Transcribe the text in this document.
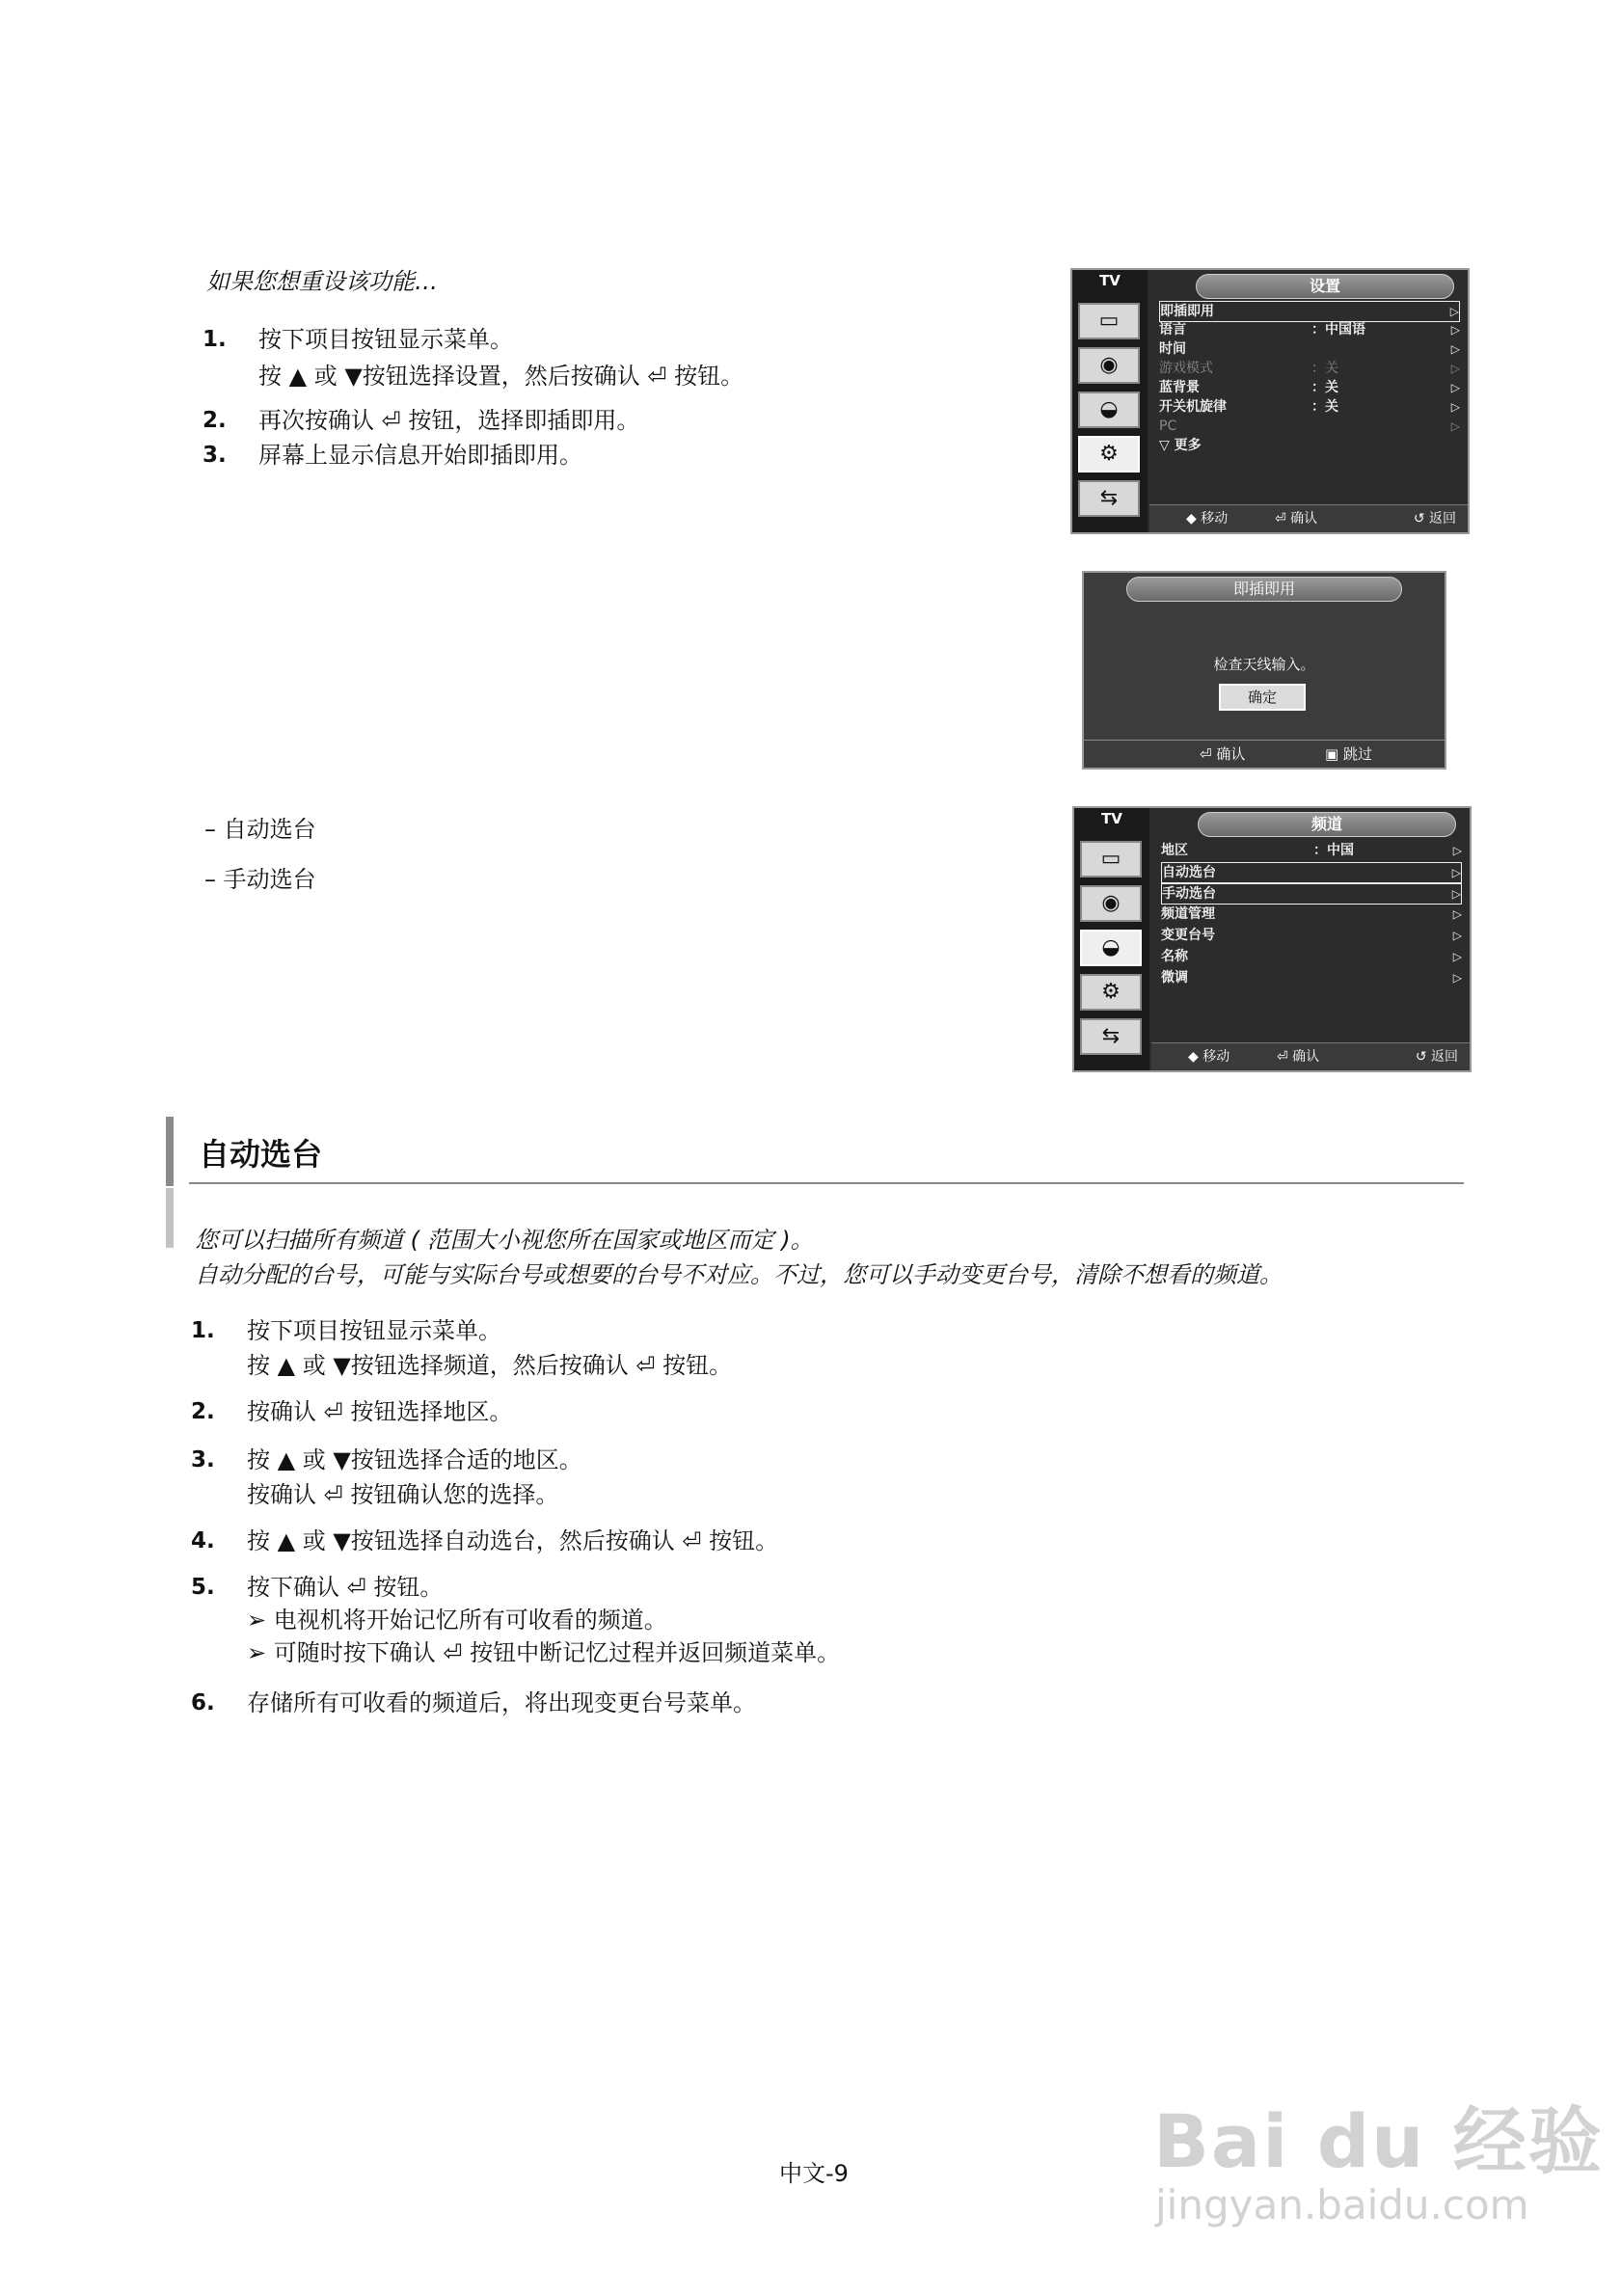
如果您想重设该功能…
1. 按下项目按钮显示菜单。
按 ▲ 或 ▼按钮选择设置，然后按确认 ⏎ 按钮。
2. 再次按确认 ⏎ 按钮，选择即插即用。
3. 屏幕上显示信息开始即插即用。
TV
▭
◉
◒
⚙
⇆
设置
即插即用	▷
语言	：中国语	▷
时间	▷
游戏模式	：关	▷
蓝背景	：关	▷
开关机旋律	：关	▷
PC	▷
▽ 更多
◆ 移动	⏎ 确认	↺ 返回
即插即用
检查天线输入。
确定
⏎ 确认	▣ 跳过
– 自动选台
– 手动选台
TV
▭
◉
◒
⚙
⇆
频道
地区	：中国	▷
自动选台	▷
手动选台	▷
频道管理	▷
变更台号	▷
名称	▷
微调	▷
◆ 移动	⏎ 确认	↺ 返回
自动选台
您可以扫描所有频道 ( 范围大小视您所在国家或地区而定 )。
自动分配的台号，可能与实际台号或想要的台号不对应。不过，您可以手动变更台号，清除不想看的频道。
1. 按下项目按钮显示菜单。
按 ▲ 或 ▼按钮选择频道，然后按确认 ⏎ 按钮。
2. 按确认 ⏎ 按钮选择地区。
3. 按 ▲ 或 ▼按钮选择合适的地区。
按确认 ⏎ 按钮确认您的选择。
4. 按 ▲ 或 ▼按钮选择自动选台，然后按确认 ⏎ 按钮。
5. 按下确认 ⏎ 按钮。
➢ 电视机将开始记忆所有可收看的频道。
➢ 可随时按下确认 ⏎ 按钮中断记忆过程并返回频道菜单。
6. 存储所有可收看的频道后，将出现变更台号菜单。
中文-9	Bai du 经验
jingyan.baidu.com
